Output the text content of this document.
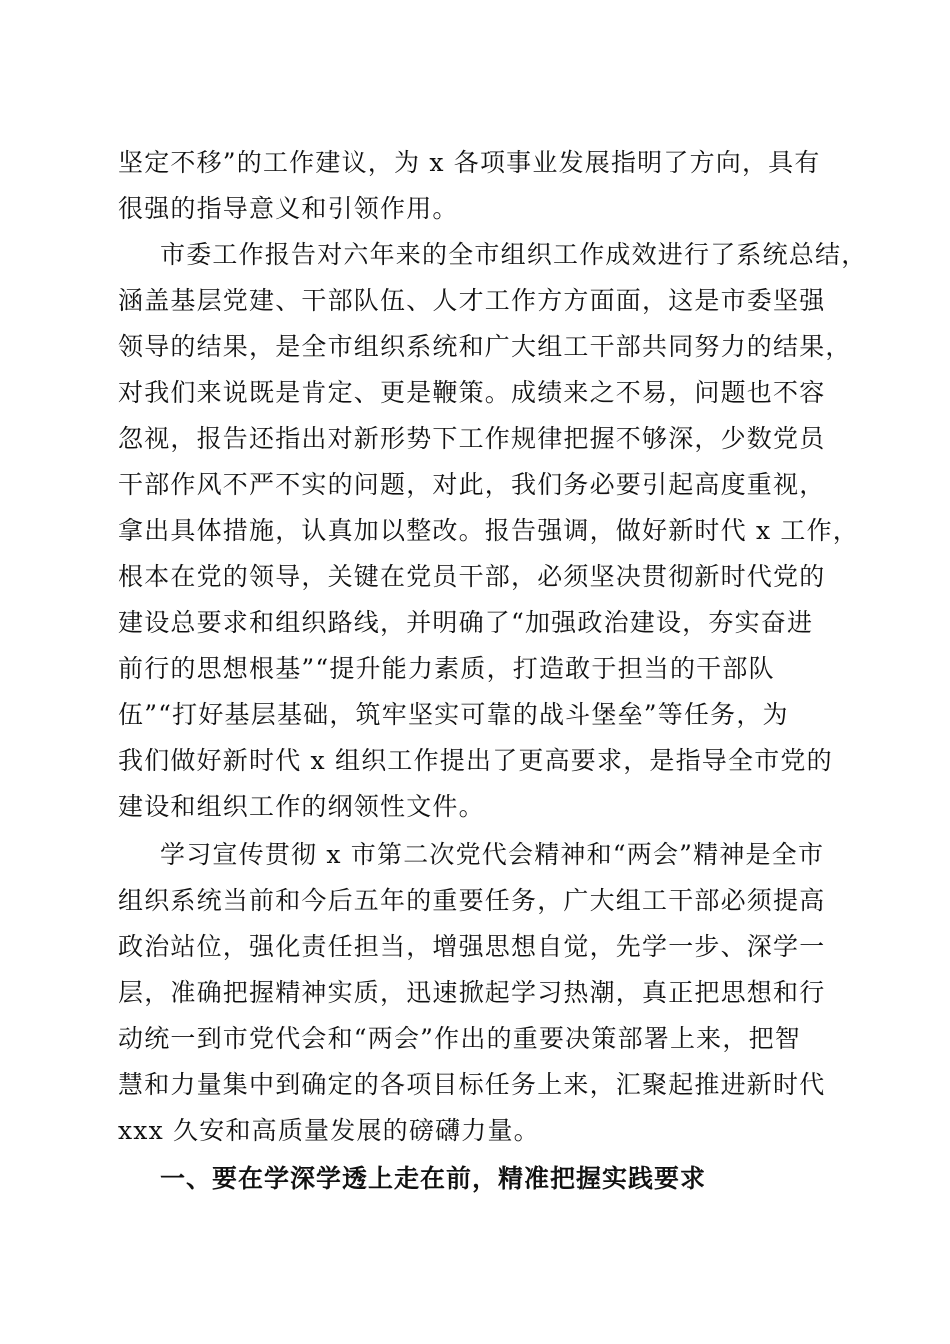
坚定不移”的工作建议，为 x 各项事业发展指明了方向，具有
很强的指导意义和引领作用。
市委工作报告对六年来的全市组织工作成效进行了系统总结，
涵盖基层党建、干部队伍、人才工作方方面面，这是市委坚强
领导的结果，是全市组织系统和广大组工干部共同努力的结果，
对我们来说既是肯定、更是鞭策。成绩来之不易，问题也不容
忽视，报告还指出对新形势下工作规律把握不够深，少数党员
干部作风不严不实的问题，对此，我们务必要引起高度重视，
拿出具体措施，认真加以整改。报告强调，做好新时代 x 工作，
根本在党的领导，关键在党员干部，必须坚决贯彻新时代党的
建设总要求和组织路线，并明确了“加强政治建设，夯实奋进
前行的思想根基”“提升能力素质，打造敢于担当的干部队
伍”“打好基层基础，筑牢坚实可靠的战斗堡垒”等任务，为
我们做好新时代 x 组织工作提出了更高要求，是指导全市党的
建设和组织工作的纲领性文件。
学习宣传贯彻 x 市第二次党代会精神和“两会”精神是全市
组织系统当前和今后五年的重要任务，广大组工干部必须提高
政治站位，强化责任担当，增强思想自觉，先学一步、深学一
层，准确把握精神实质，迅速掀起学习热潮，真正把思想和行
动统一到市党代会和“两会”作出的重要决策部署上来，把智
慧和力量集中到确定的各项目标任务上来，汇聚起推进新时代
xxx 久安和高质量发展的磅礴力量。
一、要在学深学透上走在前，精准把握实践要求
